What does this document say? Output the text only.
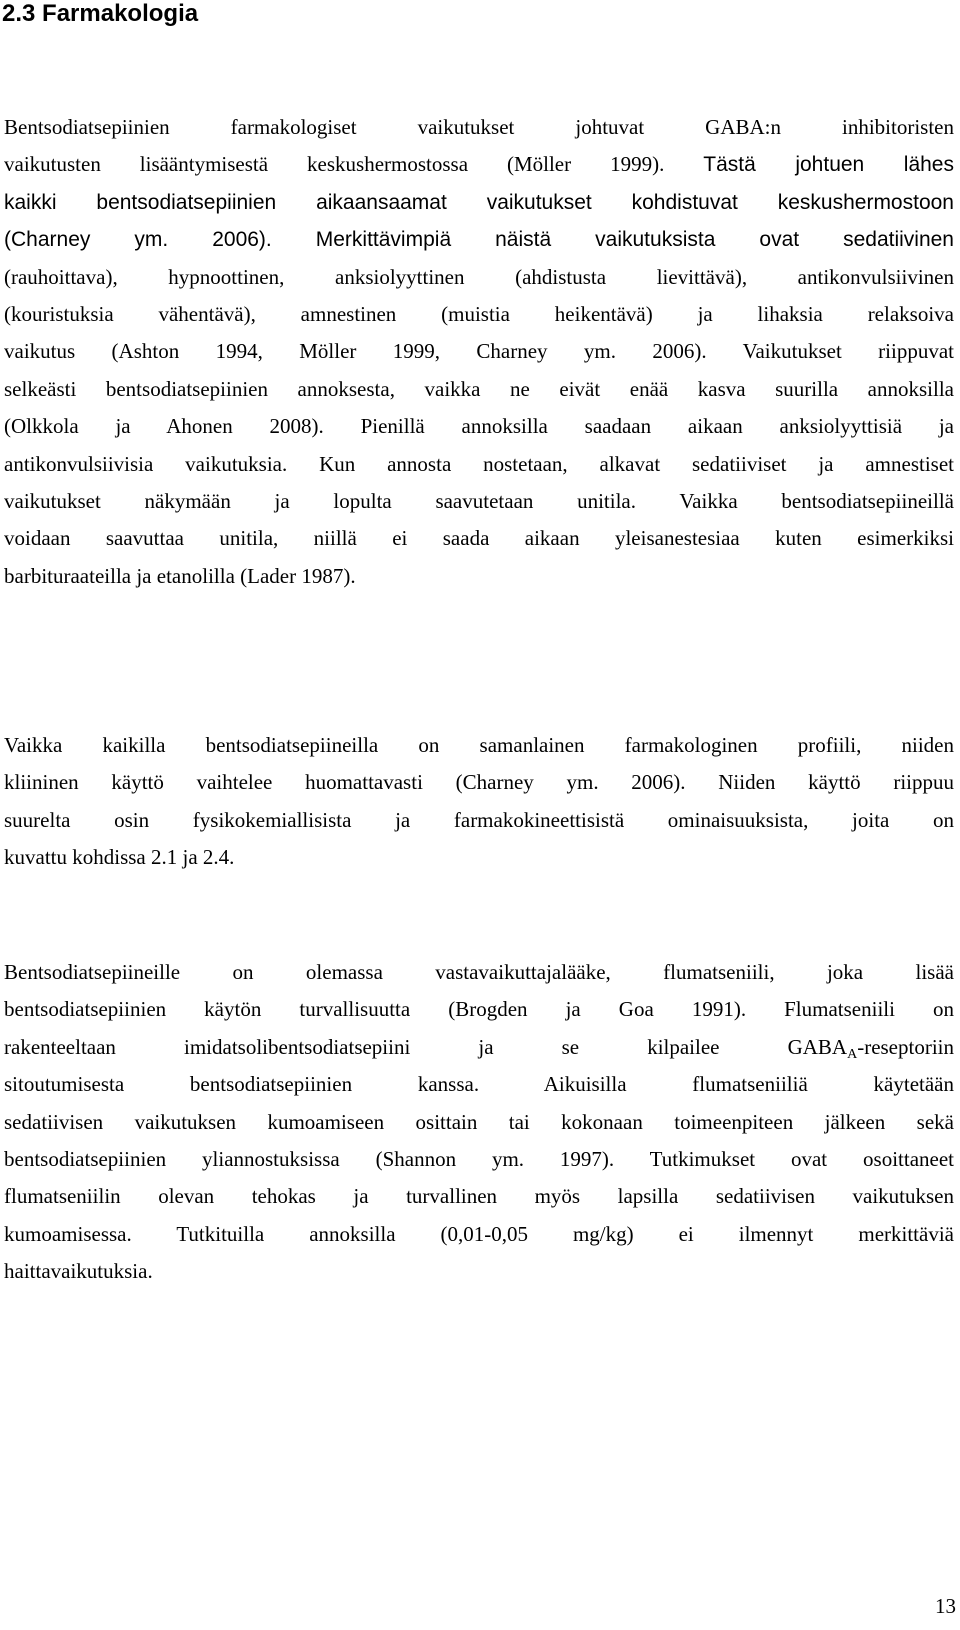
2.3 Farmakologia

Bentsodiatsepiinien farmakologiset vaikutukset johtuvat GABA:n inhibitoristen
vaikutusten lisääntymisestä keskushermostossa (Möller 1999). Tästä johtuen lähes
kaikki bentsodiatsepiinien aikaansaamat vaikutukset kohdistuvat keskushermostoon
(Charney ym. 2006). Merkittävimpiä näistä vaikutuksista ovat sedatiivinen
(rauhoittava), hypnoottinen, anksiolyyttinen (ahdistusta lievittävä), antikonvulsiivinen
(kouristuksia vähentävä), amnestinen (muistia heikentävä) ja lihaksia relaksoiva
vaikutus (Ashton 1994, Möller 1999, Charney ym. 2006). Vaikutukset riippuvat
selkeästi bentsodiatsepiinien annoksesta, vaikka ne eivät enää kasva suurilla annoksilla
(Olkkola ja Ahonen 2008). Pienillä annoksilla saadaan aikaan anksiolyyttisiä ja
antikonvulsiivisia vaikutuksia. Kun annosta nostetaan, alkavat sedatiiviset ja amnestiset
vaikutukset näkymään ja lopulta saavutetaan unitila. Vaikka bentsodiatsepiineillä
voidaan saavuttaa unitila, niillä ei saada aikaan yleisanestesiaa kuten esimerkiksi
barbituraateilla ja etanolilla (Lader 1987).

Vaikka kaikilla bentsodiatsepiineilla on samanlainen farmakologinen profiili, niiden
kliininen käyttö vaihtelee huomattavasti (Charney ym. 2006). Niiden käyttö riippuu
suurelta osin fysikokemiallisista ja farmakokineettisistä ominaisuuksista, joita on
kuvattu kohdissa 2.1 ja 2.4.

Bentsodiatsepiineille on olemassa vastavaikuttajalääke, flumatseniili, joka lisää
bentsodiatsepiinien käytön turvallisuutta (Brogden ja Goa 1991). Flumatseniili on
rakenteeltaan imidatsolibentsodiatsepiini ja se kilpailee $GABA_A$-reseptoriin
sitoutumisesta bentsodiatsepiinien kanssa. Aikuisilla flumatseniiliä käytetään
sedatiivisen vaikutuksen kumoamiseen osittain tai kokonaan toimeenpiteen jälkeen sekä
bentsodiatsepiinien yliannostuksissa (Shannon ym. 1997). Tutkimukset ovat osoittaneet
flumatseniilin olevan tehokas ja turvallinen myös lapsilla sedatiivisen vaikutuksen
kumoamisessa. Tutkituilla annoksilla (0,01-0,05 mg/kg) ei ilmennyt merkittäviä
haittavaikutuksia.

13
